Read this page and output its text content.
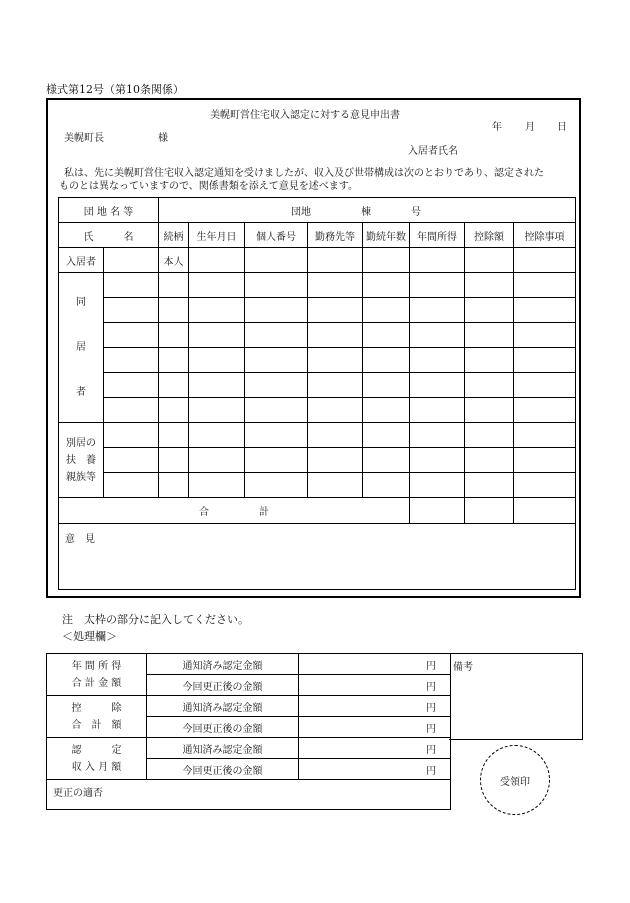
様式第12号（第10条関係）
美幌町営住宅収入認定に対する意見申出書
年 月 日
美幌町長	様
入居者氏名
私は、先に美幌町営住宅収入認定通知を受けましたが、収入及び世帯構成は次のとおりであり、認定された
ものとは異なっていますので、関係書類を添えて意見を述べます。
団 地 名 等		団地 棟 号							
氏　　　名		続柄	生年月日	個人番号	勤務先等	勤続年数	年間所得	控除額	控除事項
入居者		本人							

同
居
者									

別居の
扶　養
親族等									

合　　　　　計									
意　見									
注　太枠の部分に記入してください。
＜処理欄＞
年 間 所 得
合 計 金 額	通知済み認定金額	円
	今回更正後の金額	円

控　　　除
合　計　額	通知済み認定金額	円
	今回更正後の金額	円

認　　　定
収 入 月 額	通知済み認定金額	円
	今回更正後の金額	円
更正の適否		
備考
受領印
